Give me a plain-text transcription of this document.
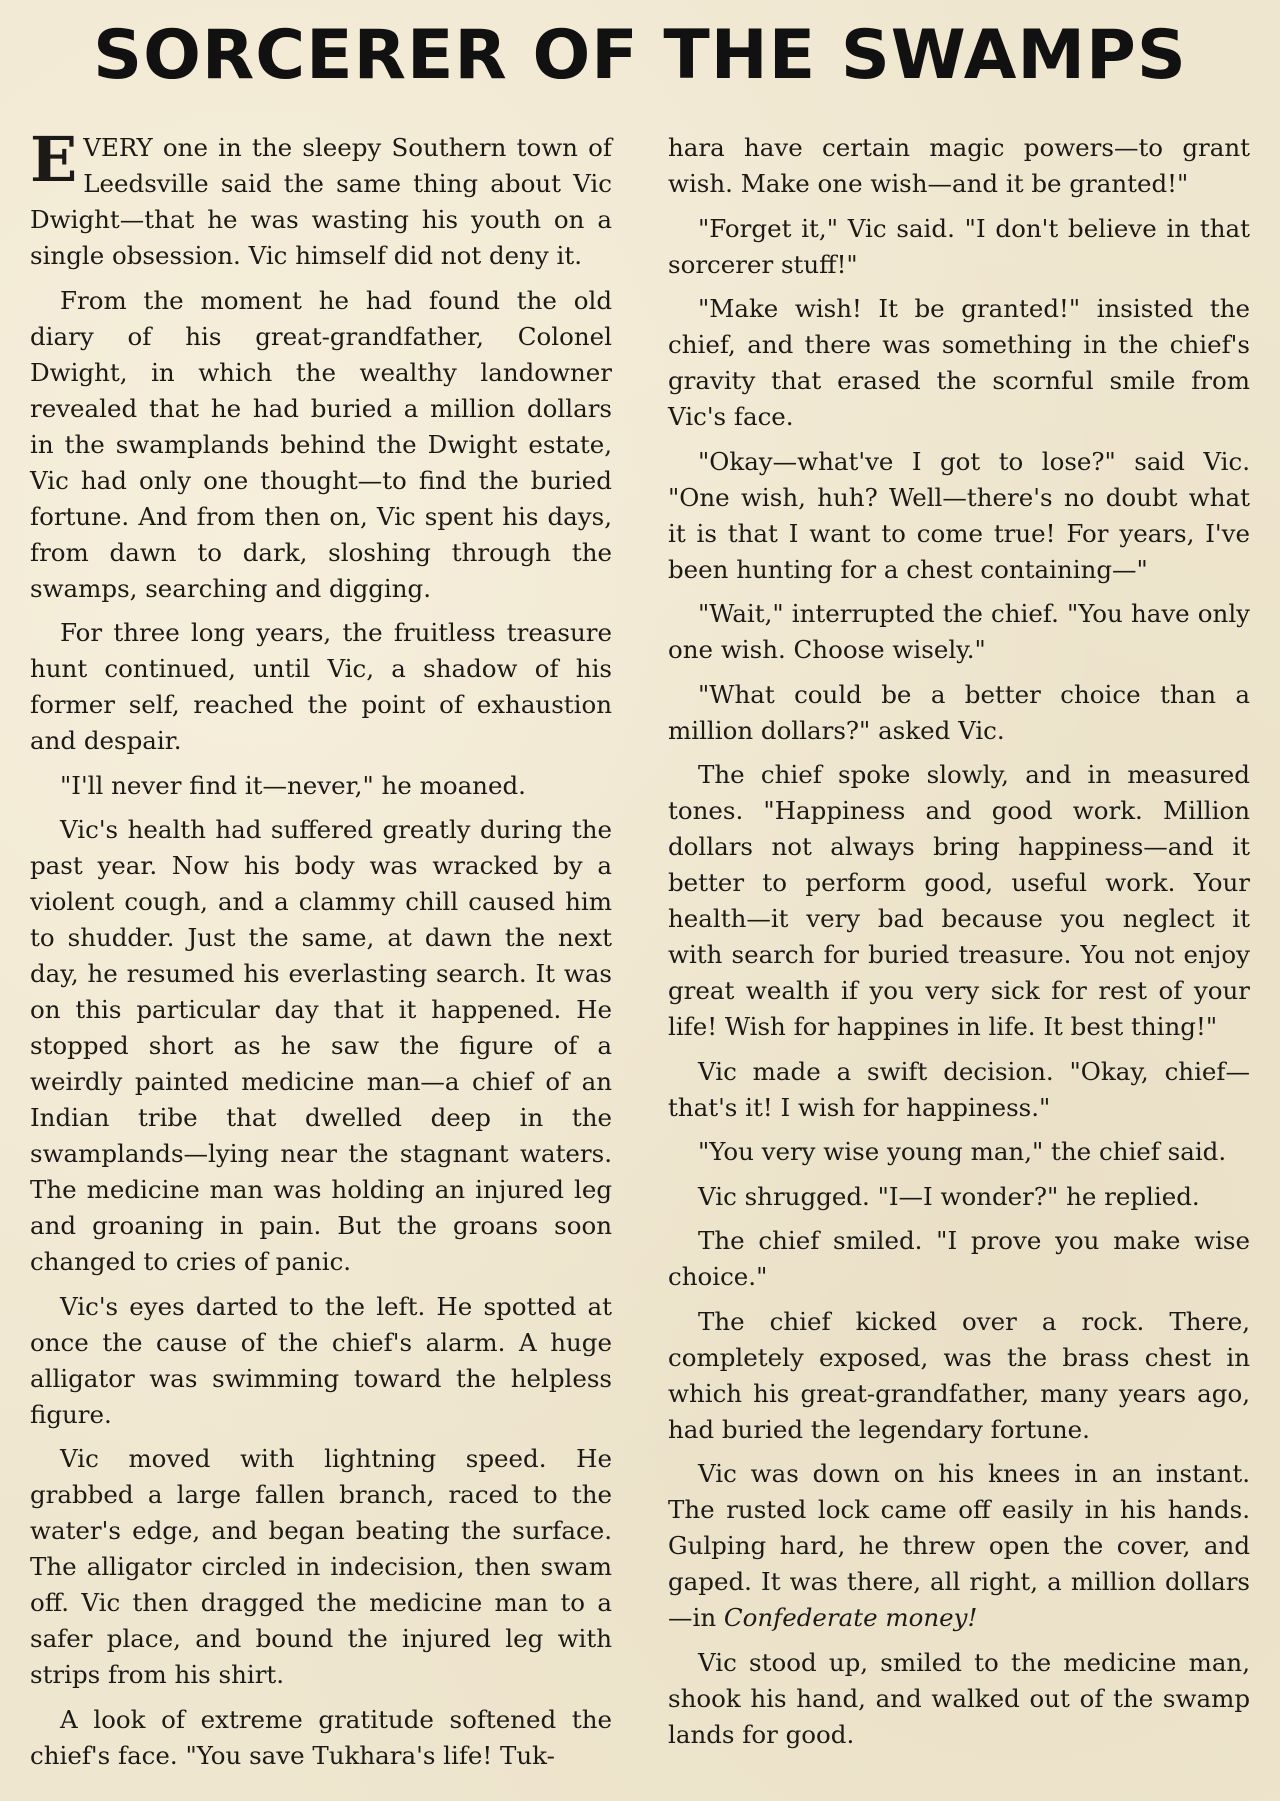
SORCERER OF THE SWAMPS

EVERY one in the sleepy Southern town of Leedsville said the same thing about Vic Dwight—that he was wasting his youth on a single obsession. Vic himself did not deny it.

From the moment he had found the old diary of his great-grandfather, Colonel Dwight, in which the wealthy landowner revealed that he had buried a million dollars in the swamplands behind the Dwight estate, Vic had only one thought—to find the buried fortune. And from then on, Vic spent his days, from dawn to dark, sloshing through the swamps, searching and digging.

For three long years, the fruitless treasure hunt continued, until Vic, a shadow of his former self, reached the point of exhaustion and despair.

"I'll never find it—never," he moaned.

Vic's health had suffered greatly during the past year. Now his body was wracked by a violent cough, and a clammy chill caused him to shudder. Just the same, at dawn the next day, he resumed his everlasting search. It was on this particular day that it happened. He stopped short as he saw the figure of a weirdly painted medicine man—a chief of an Indian tribe that dwelled deep in the swamplands—lying near the stagnant waters. The medicine man was holding an injured leg and groaning in pain. But the groans soon changed to cries of panic.

Vic's eyes darted to the left. He spotted at once the cause of the chief's alarm. A huge alligator was swimming toward the helpless figure.

Vic moved with lightning speed. He grabbed a large fallen branch, raced to the water's edge, and began beating the surface. The alligator circled in indecision, then swam off. Vic then dragged the medicine man to a safer place, and bound the injured leg with strips from his shirt.

A look of extreme gratitude softened the chief's face. "You save Tukhara's life! Tuk-

hara have certain magic powers—to grant wish. Make one wish—and it be granted!"

"Forget it," Vic said. "I don't believe in that sorcerer stuff!"

"Make wish! It be granted!" insisted the chief, and there was something in the chief's gravity that erased the scornful smile from Vic's face.

"Okay—what've I got to lose?" said Vic. "One wish, huh? Well—there's no doubt what it is that I want to come true! For years, I've been hunting for a chest containing—"

"Wait," interrupted the chief. "You have only one wish. Choose wisely."

"What could be a better choice than a million dollars?" asked Vic.

The chief spoke slowly, and in measured tones. "Happiness and good work. Million dollars not always bring happiness—and it better to perform good, useful work. Your health—it very bad because you neglect it with search for buried treasure. You not enjoy great wealth if you very sick for rest of your life! Wish for happines in life. It best thing!"

Vic made a swift decision. "Okay, chief—that's it! I wish for happiness."

"You very wise young man," the chief said.

Vic shrugged. "I—I wonder?" he replied.

The chief smiled. "I prove you make wise choice."

The chief kicked over a rock. There, completely exposed, was the brass chest in which his great-grandfather, many years ago, had buried the legendary fortune.

Vic was down on his knees in an instant. The rusted lock came off easily in his hands. Gulping hard, he threw open the cover, and gaped. It was there, all right, a million dollars —in Confederate money!

Vic stood up, smiled to the medicine man, shook his hand, and walked out of the swamp lands for good.
